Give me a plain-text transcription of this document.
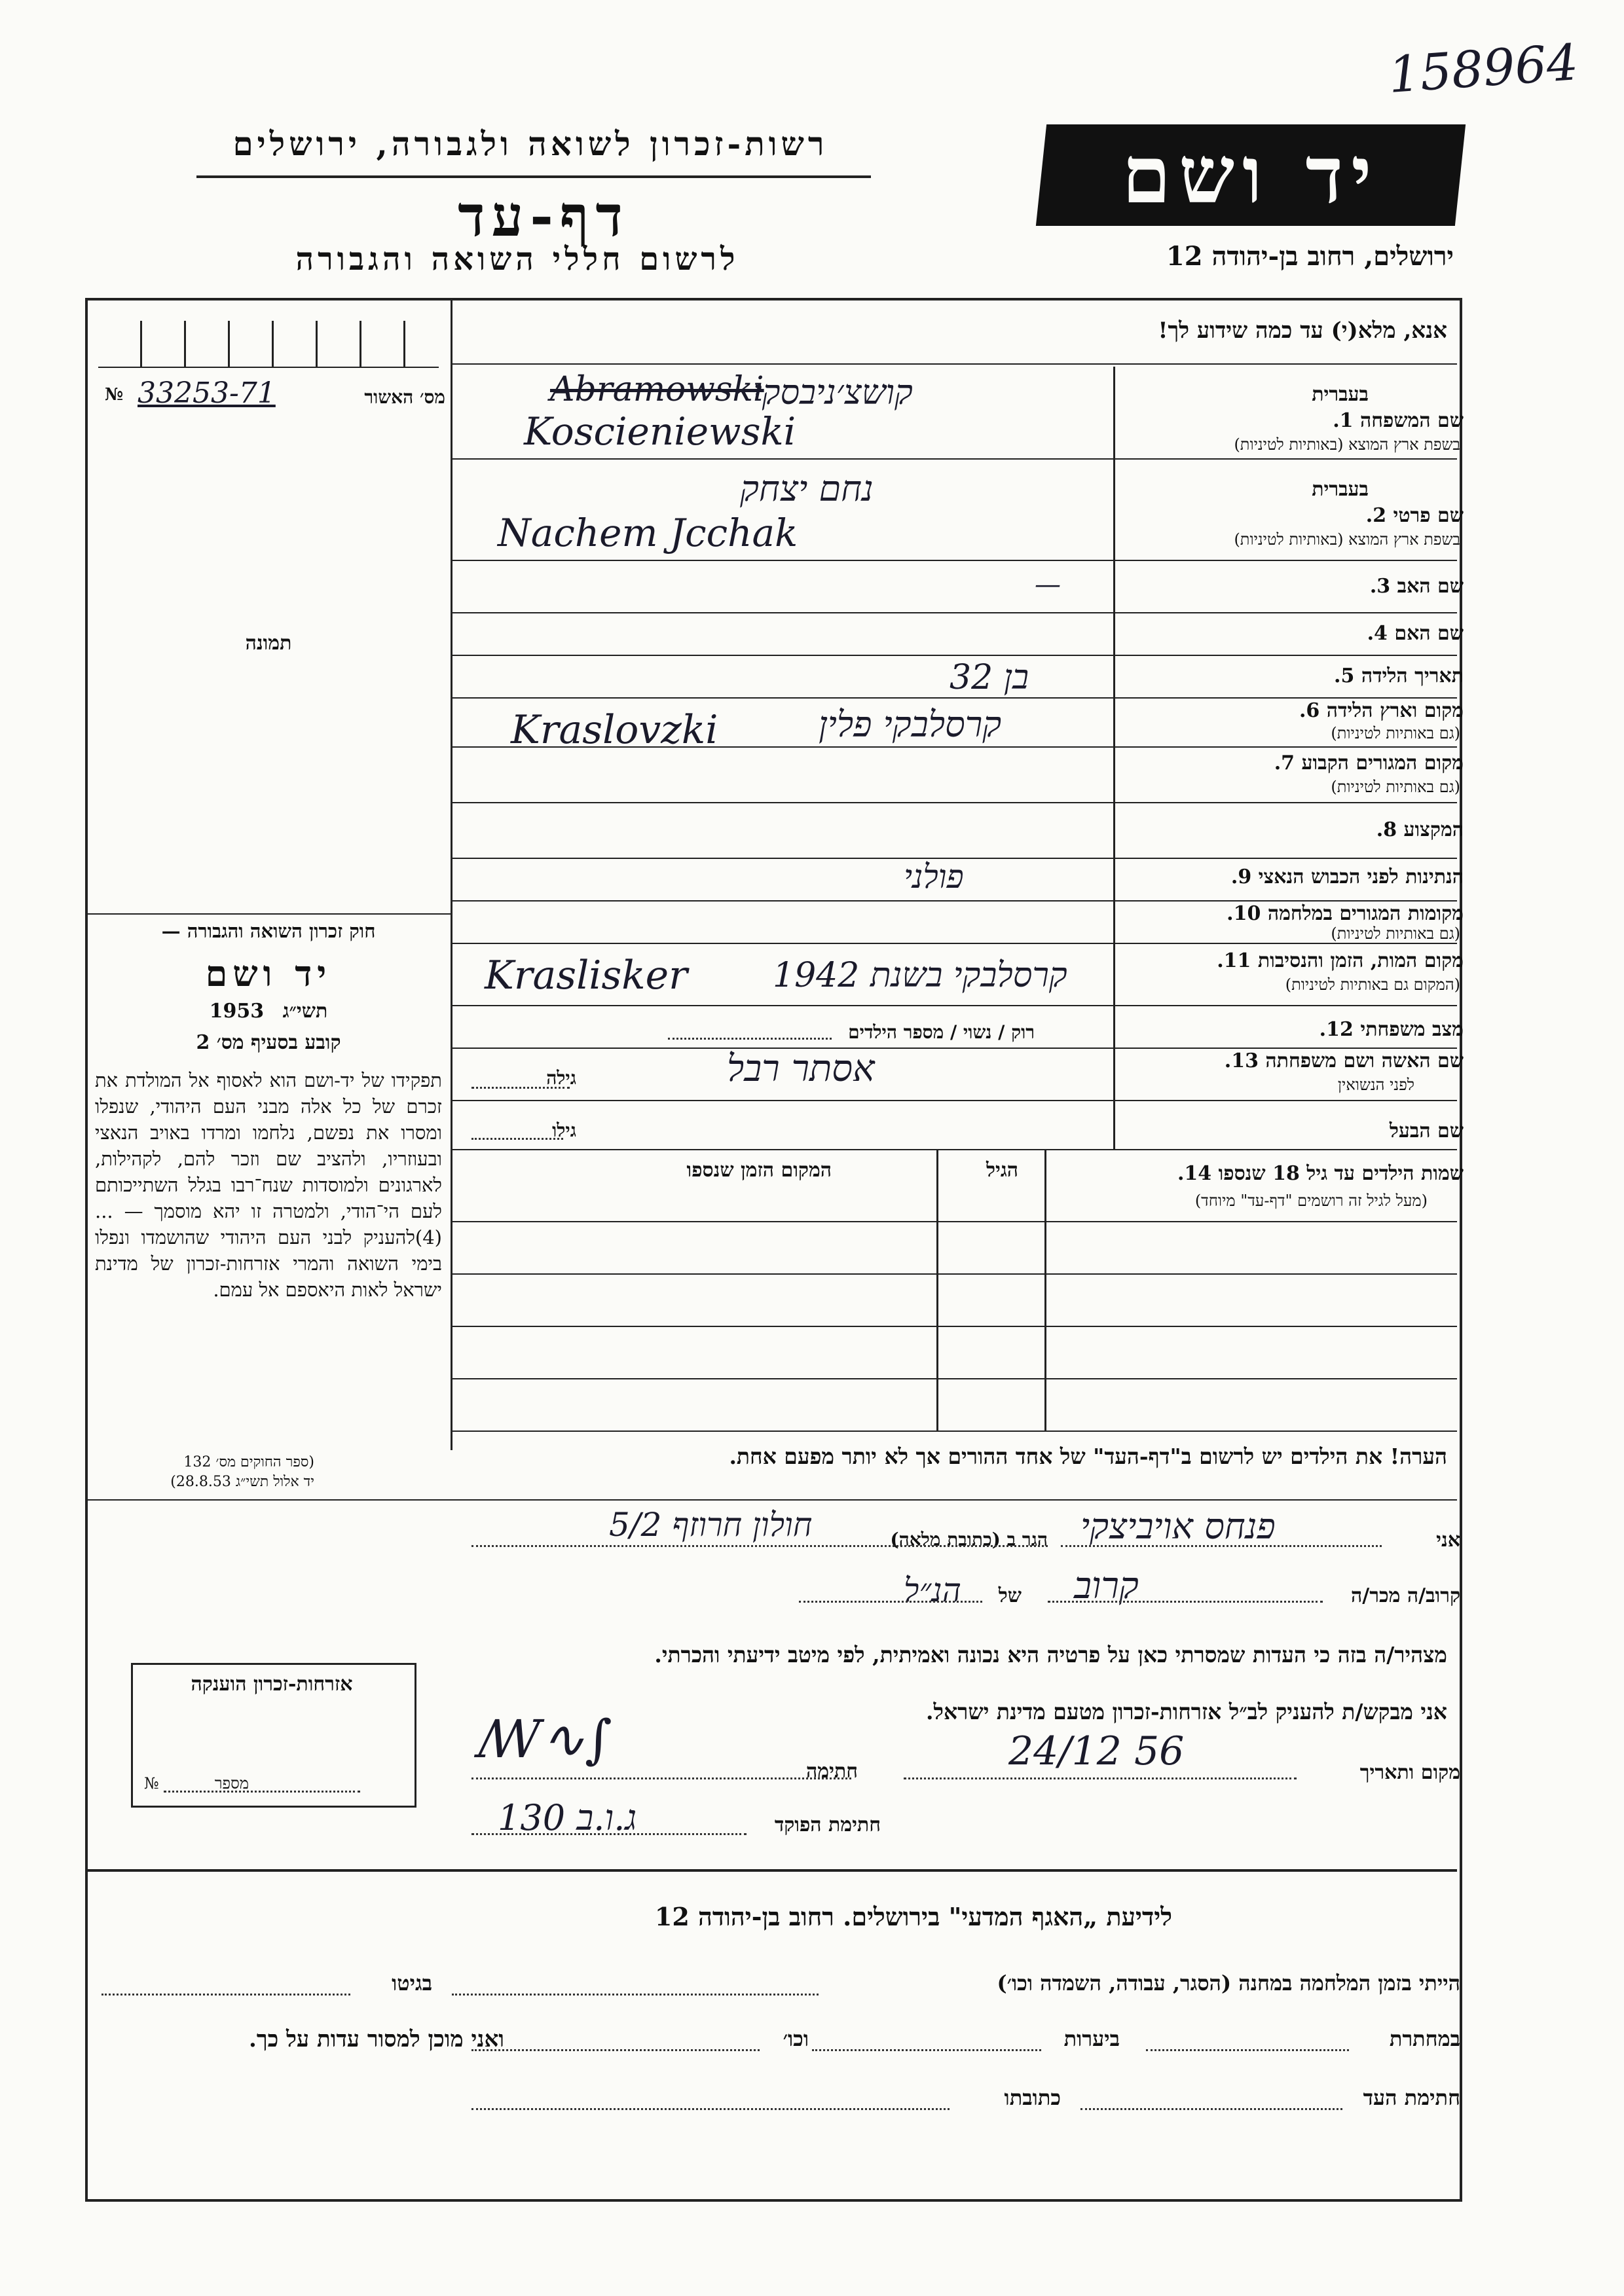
158964
רשות-זכרון לשואה ולגבורה, ירושלים
דף-עד
לרשום חללי השואה והגבורה
יד ושם
ירושלים, רחוב בן-יהודה 12
אנא, מלא(י) עד כמה שידוע לך!
מס׳ האשור
33253-71
№
תמונה
חוק זכרון השואה והגבורה —
יד ושם
תשי״ג 1953
קובע בסעיף מס׳ 2
תפקידו של יד-ושם הוא לאסוף אל המולדת את זכרם של כל אלה מבני העם היהודי, שנפלו ומסרו את נפשם, נלחמו ומרדו באויב הנאצי ובעוזריו, ולהציב שם וזכר להם, לקהילות, לארגונים ולמוסדות שנח־רבו בגלל השתייכותם לעם הי־הודי, ולמטרה זו יהא מוסמך — ...(4)להעניק לבני העם היהודי שהושמדו ונפלו בימי השואה והמרי אזרחות-זכרון של מדינת ישראל לאות היאספם אל עמם.
(ספר החוקים מס׳ 132
יד אלול תשי״ג 28.8.53)
אזרחות-זכרון הוענקה
מספר
№
בעברית
שם המשפחה 1.
בשפת ארץ המוצא (באותיות לטיניות)
קושצ׳ניבסקי
Abramowski
Koscieniewski
בעברית
שם פרטי 2.
בשפת ארץ המוצא (באותיות לטיניות)
נחם יצחק
Nachem Jcchak
שם האב 3.
—
שם האם 4.
תאריך הלידה 5.
בן 32
מקום וארץ הלידה 6.
(גם באותיות לטיניות)
קרסלבקי פלין
Kraslovzki
מקום המגורים הקבוע 7.
(גם באותיות לטיניות)
המקצוע 8.
הנתינות לפני הכבוש הנאצי 9.
פולני
מקומות המגורים במלחמה 10.
(גם באותיות לטיניות)
מקום המות, הזמן והנסיבות 11.
(המקום גם באותיות לטיניות)
קרסלבקי בשנת 1942
Kraslisker
מצב משפחתי 12.
רוק / נשוי / מספר הילדים
שם האשה ושם משפחתה 13.
לפני הנשואין
אסתר רבל
גילה
שם הבעל
גילו
שמות הילדים עד גיל 18 שנספו 14.
(מעל לגיל זה רושמים "דף-עד" מיוחד)
הגיל
המקום הזמן שנספו
הערה! את הילדים יש לרשום ב"דף-העד" של אחד ההורים אך לא יותר מפעם אחת.
אני
פנחס אויביצקי
הגר ב (כתובת מלאה)
חולון חרוזף 5/2
קרוב/ה מכר/ה
קרוב
של
הנ״ל
מצהיר/ה בזה כי העדות שמסרתי כאן על פרטיה היא נכונה ואמיתית, לפי מיטב ידיעתי והכרתי.
אני מבקש/ת להעניק לב״ל אזרחות-זכרון מטעם מדינת ישראל.
מקום ותאריך
24/12 56
חתימה
ꟿ∿∫
חתימת הפוקד
ג.ו.ב 130
לידיעת „האגף המדעי" בירושלים. רחוב בן-יהודה 12
הייתי בזמן המלחמה במחנה (הסגר, עבודה, השמדה וכו׳)
בגיטו
במחתרת
ביערות
וכו׳
ואני מוכן למסור עדות על כך.
חתימת העד
כתובתו
